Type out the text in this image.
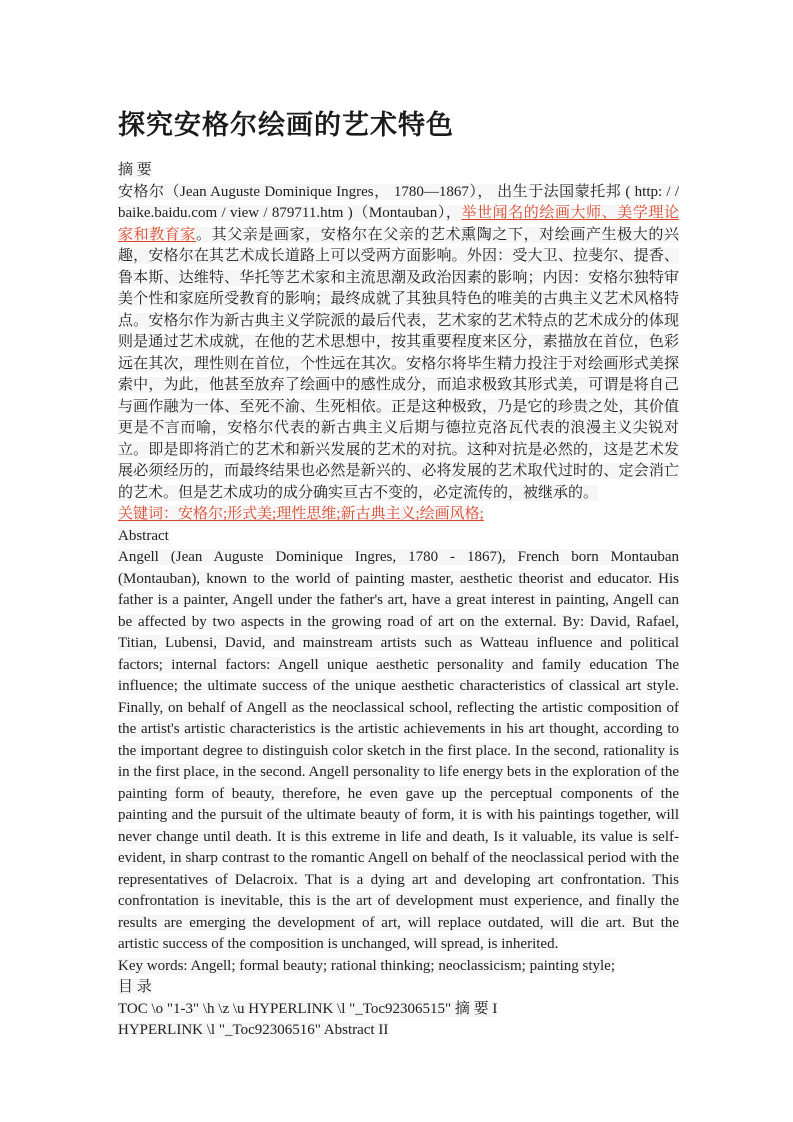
探究安格尔绘画的艺术特色

摘 要

安格尔（Jean Auguste Dominique Ingres， 1780—1867）， 出生于法国蒙托邦 ( http: / / baike.baidu.com / view / 879711.htm )（Montauban），举世闻名的绘画大师、美学理论家和教育家。其父亲是画家，安格尔在父亲的艺术熏陶之下，对绘画产生极大的兴趣，安格尔在其艺术成长道路上可以受两方面影响。外因：受大卫、拉斐尔、提香、鲁本斯、达维特、华托等艺术家和主流思潮及政治因素的影响；内因：安格尔独特审美个性和家庭所受教育的影响；最终成就了其独具特色的唯美的古典主义艺术风格特点。安格尔作为新古典主义学院派的最后代表，艺术家的艺术特点的艺术成分的体现则是通过艺术成就，在他的艺术思想中，按其重要程度来区分，素描放在首位，色彩远在其次，理性则在首位，个性远在其次。安格尔将毕生精力投注于对绘画形式美探索中，为此，他甚至放弃了绘画中的感性成分，而追求极致其形式美，可谓是将自己与画作融为一体、至死不渝、生死相依。正是这种极致，乃是它的珍贵之处，其价值更是不言而喻，安格尔代表的新古典主义后期与德拉克洛瓦代表的浪漫主义尖锐对立。即是即将消亡的艺术和新兴发展的艺术的对抗。这种对抗是必然的，这是艺术发展必须经历的，而最终结果也必然是新兴的、必将发展的艺术取代过时的、定会消亡的艺术。但是艺术成功的成分确实亘古不变的，必定流传的，被继承的。

关键词：安格尔;形式美;理性思维;新古典主义;绘画风格;

Abstract

Angell (Jean Auguste Dominique Ingres, 1780 - 1867), French born Montauban (Montauban), known to the world of painting master, aesthetic theorist and educator. His father is a painter, Angell under the father's art, have a great interest in painting, Angell can be affected by two aspects in the growing road of art on the external. By: David, Rafael, Titian, Lubensi, David, and mainstream artists such as Watteau influence and political factors; internal factors: Angell unique aesthetic personality and family education The influence; the ultimate success of the unique aesthetic characteristics of classical art style. Finally, on behalf of Angell as the neoclassical school, reflecting the artistic composition of the artist's artistic characteristics is the artistic achievements in his art thought, according to the important degree to distinguish color sketch in the first place. In the second, rationality is in the first place, in the second. Angell personality to life energy bets in the exploration of the painting form of beauty, therefore, he even gave up the perceptual components of the painting and the pursuit of the ultimate beauty of form, it is with his paintings together, will never change until death. It is this extreme in life and death, Is it valuable, its value is self-evident, in sharp contrast to the romantic Angell on behalf of the neoclassical period with the representatives of Delacroix. That is a dying art and developing art confrontation. This confrontation is inevitable, this is the art of development must experience, and finally the results are emerging the development of art, will replace outdated, will die art. But the artistic success of the composition is unchanged, will spread, is inherited.

Key words: Angell; formal beauty; rational thinking; neoclassicism; painting style;

目 录

TOC \o "1-3" \h \z \u HYPERLINK \l "_Toc92306515" 摘 要 I

HYPERLINK \l "_Toc92306516" Abstract II
